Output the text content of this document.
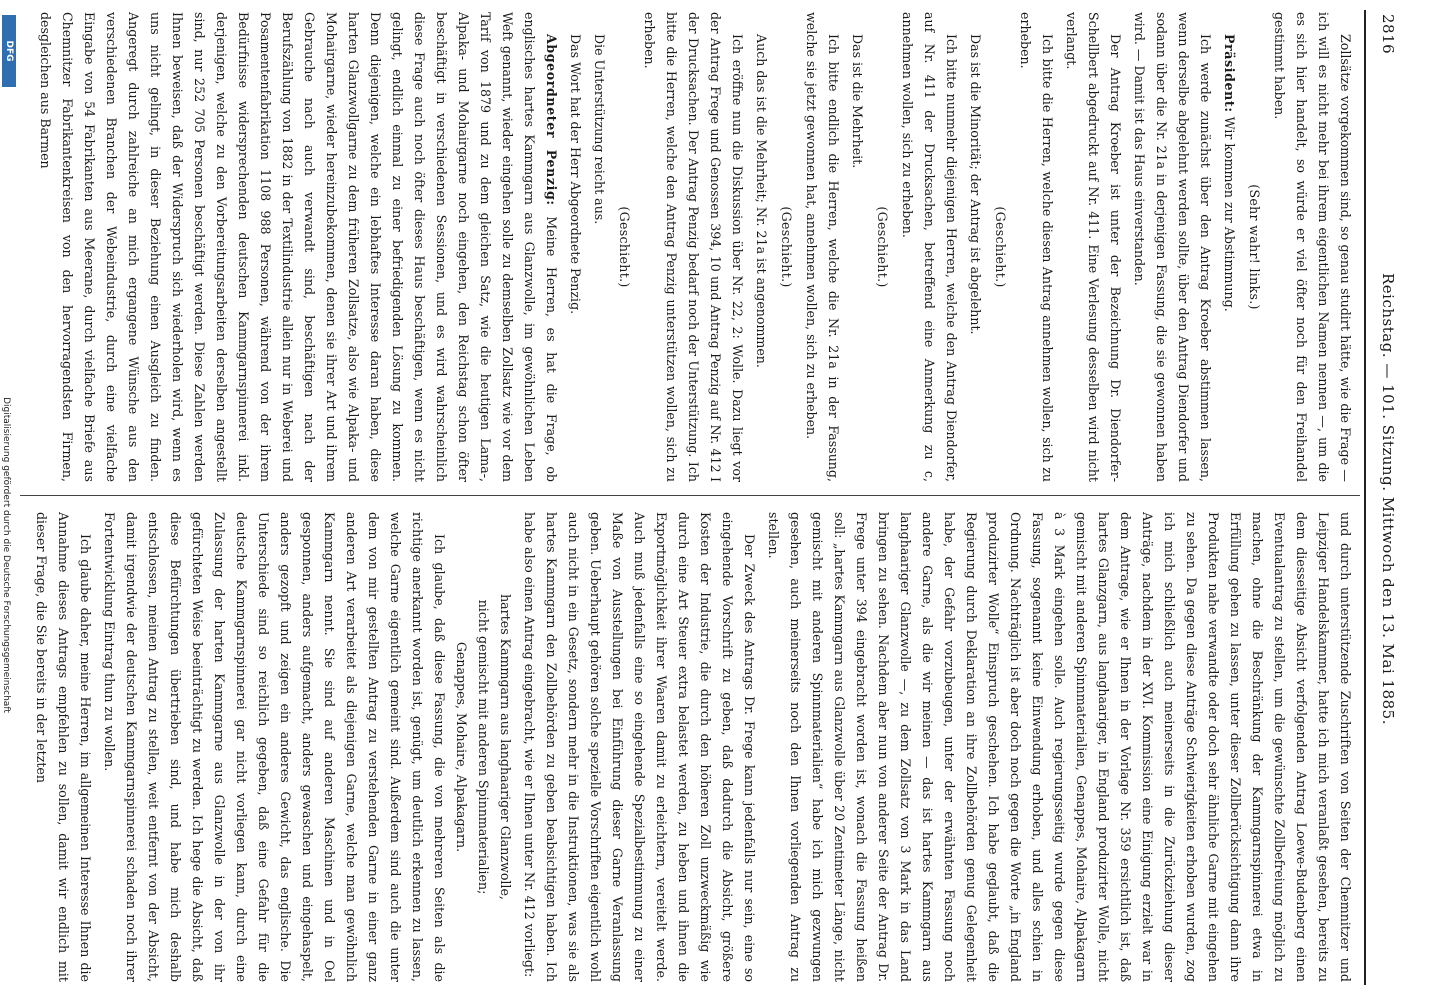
2816
Reichstag. — 101. Sitzung. Mittwoch den 13. Mai 1885.

Zollsätze vorgekommen sind, so genau studirt hätte, wie die Frage — ich will es nicht mehr bei ihrem eigentlichen Namen nennen —, um die es sich hier handelt, so würde er viel öfter noch für den Freihandel gestimmt haben.

(Sehr wahr! links.)

Präsident: Wir kommen zur Abstimmung.

Ich werde zunächst über den Antrag Kroeber abstimmen lassen, wenn derselbe abgelehnt werden sollte, über den Antrag Diendorfer und sodann über die Nr. 21a in derjenigen Fassung, die sie gewonnen haben wird. — Damit ist das Haus einverstanden.

Der Antrag Kroeber ist unter der Bezeichnung Dr. Diendorfer-Schellbert abgedruckt auf Nr. 411. Eine Verlesung desselben wird nicht verlangt.

Ich bitte die Herren, welche diesen Antrag annehmen wollen, sich zu erheben.

(Geschieht.)

Das ist die Minorität; der Antrag ist abgelehnt.

Ich bitte nunmehr diejenigen Herren, welche den Antrag Diendorfer, auf Nr. 411 der Drucksachen, betreffend eine Anmerkung zu c, annehmen wollen, sich zu erheben.

(Geschieht.)

Das ist die Mehrheit.

Ich bitte endlich die Herren, welche die Nr. 21a in der Fassung, welche sie jetzt gewonnen hat, annehmen wollen, sich zu erheben.

(Geschieht.)

Auch das ist die Mehrheit; Nr. 21a ist angenommen.

Ich eröffne nun die Diskussion über Nr. 22, 2: Wolle. Dazu liegt vor der Antrag Frege und Genossen 394, 10 und Antrag Penzig auf Nr. 412 I der Drucksachen. Der Antrag Penzig bedarf noch der Unterstützung. Ich bitte die Herren, welche den Antrag Penzig unterstützen wollen, sich zu erheben.

(Geschieht.)

Die Unterstützung reicht aus.

Das Wort hat der Herr Abgeordnete Penzig.

Abgeordneter Penzig: Meine Herren, es hat die Frage, ob englisches hartes Kammgarn aus Glanzwolle, im gewöhnlichen Leben Weft genannt, wieder eingehen solle zu demselben Zollsatz wie vor dem Tarif von 1879 und zu dem gleichen Satz, wie die heutigen Lama-, Alpaka- und Mohairgarne noch eingehen, den Reichstag schon öfter beschäftigt in verschiedenen Sessionen, und es wird wahrscheinlich diese Frage auch noch öfter dieses Haus beschäftigen, wenn es nicht gelingt, endlich einmal zu einer befriedigenden Lösung zu kommen. Denn diejenigen, welche ein lebhaftes Interesse daran haben, diese harten Glanzwollgarne zu dem früheren Zollsatze, also wie Alpaka- und Mohairgarne, wieder hereinzubekommen, denen sie ihrer Art und ihrem Gebrauche nach auch verwandt sind, beschäftigen nach der Berufszählung von 1882 in der Textilindustrie allein nur in Weberei und Posamentenfabrikation 1108 988 Personen, während von der ihrem Bedürfnisse widersprechenden deutschen Kammgarnspinnerei inkl. derjenigen, welche zu den Vorbereitungsarbeiten derselben angestellt sind, nur 252 705 Personen beschäftigt werden. Diese Zahlen werden Ihnen beweisen, daß der Widerspruch sich wiederholen wird, wenn es uns nicht gelingt, in dieser Beziehung einen Ausgleich zu finden. Angeregt durch zahlreiche an mich ergangene Wünsche aus den verschiedenen Branchen der Webeindustrie, durch eine vielfache Eingabe von 54 Fabrikanten aus Meerane, durch vielfache Briefe aus Chemnitzer Fabrikantenkreisen von den hervorragendsten Firmen, desgleichen aus Barmen

und durch unterstützende Zuschriften von Seiten der Chemnitzer und Leipziger Handelskammer, hatte ich mich veranlaßt gesehen, bereits zu dem diesseitige Absicht verfolgenden Antrag Loewe-Budenberg einen Eventualantrag zu stellen, um die gewünschte Zollbefreiung möglich zu machen, ohne die Beschränkung der Kammgarnspinnerei etwa in Erfüllung gehen zu lassen, unter dieser Zollberücksichtigung dann ihre Produkten nahe verwandte oder doch sehr ähnliche Garne mit eingehen zu sehen. Da gegen diese Anträge Schwierigkeiten erhoben wurden, zog ich mich schließlich auch meinerseits in die Zurückziehung dieser Anträge, nachdem in der XVI. Kommission eine Einigung erzielt war in dem Antrage, wie er Ihnen in der Vorlage Nr. 359 ersichtlich ist, daß hartes Glanzgarn, aus langhaariger, in England produzirter Wolle, nicht gemischt mit anderen Spinnmaterialien, Genappes, Mohaire, Alpakagarn à 3 Mark eingehen solle. Auch regierungsseitig wurde gegen diese Fassung, sogenannt keine Einwendung erhoben, und alles schien in Ordnung. Nachträglich ist aber doch noch gegen die Worte „in England produzirter Wolle“ Einspruch geschehen. Ich habe geglaubt, daß die Regierung durch Deklaration an ihre Zollbehörden genug Gelegenheit habe, der Gefahr vorzubeugen, unter der erwähnten Fassung noch andere Garne, als die wir meinen — das ist hartes Kammgarn aus langhaariger Glanzwolle —, zu dem Zollsatz von 3 Mark in das Land bringen zu sehen. Nachdem aber nun von anderer Seite der Antrag Dr. Frege unter 394 eingebracht worden ist, wonach die Fassung heißen soll: „hartes Kammgarn aus Glanzwolle über 20 Zentimeter Länge, nicht gemischt mit anderen Spinnmaterialien“ habe ich mich gezwungen gesehen, auch meinerseits noch den Ihnen vorliegenden Antrag zu stellen.

Der Zweck des Antrags Dr. Frege kann jedenfalls nur sein, eine so eingehende Vorschrift zu geben, daß dadurch die Absicht, größere Kosten der Industrie, die durch den höheren Zoll unzweckmäßig wie durch eine Art Steuer extra belastet werden, zu heben und ihnen die Exportmöglichkeit ihrer Waaren damit zu erleichtern, vereitelt werde. Auch muß jedenfalls eine so eingehende Spezialbestimmung zu einer Maße von Ausstellungen bei Einführung dieser Garne Veranlassung geben. Ueberhaupt gehören solche spezielle Vorschriften eigentlich wohl auch nicht in ein Gesetz, sondern mehr in die Instruktionen, was sie als hartes Kammgarn den Zollbehörden zu geben beabsichtigen haben. Ich habe also einen Antrag eingebracht, wie er Ihnen unter Nr. 412 vorliegt:

hartes Kammgarn aus langhaariger Glanzwolle,

nicht gemischt mit anderen Spinnmaterialien;

Genappes, Mohaire, Alpakagarn.

Ich glaube, daß diese Fassung, die von mehreren Seiten als die richtige anerkannt worden ist, genügt, um deutlich erkennen zu lassen, welche Garne eigentlich gemeint sind. Außerdem sind auch die unter dem von mir gestellten Antrag zu verstehenden Garne in einer ganz anderen Art verarbeitet als diejenigen Garne, welche man gewöhnlich Kammgarn nennt. Sie sind auf anderen Maschinen und in Oel gesponnen, anders aufgemacht, anders gewaschen und eingehaspelt, anders gezopft und zeigen ein anderes Gewicht, das englische. Die Unterschiede sind so reichlich gegeben, daß eine Gefahr für die deutsche Kammgarnspinnerei gar nicht vorliegen kann, durch eine Zulassung der harten Kammgarne aus Glanzwolle in der von ihr gefürchteten Weise beeinträchtigt zu werden. Ich hege die Absicht, daß diese Befürchtungen übertrieben sind, und habe mich deshalb entschlossen, meinen Antrag zu stellen, weit entfernt von der Absicht, damit irgendwie der deutschen Kammgarnspinnerei schaden noch ihrer Fortentwicklung Eintrag thun zu wollen.

Ich glaube daher, meine Herren, im allgemeinen Interesse Ihnen die Annahme dieses Antrags empfehlen zu sollen, damit wir endlich mit dieser Frage, die Sie bereits in der letzten

DFG
Digitalisierung gefördert durch die Deutsche Forschungsgemeinschaft
